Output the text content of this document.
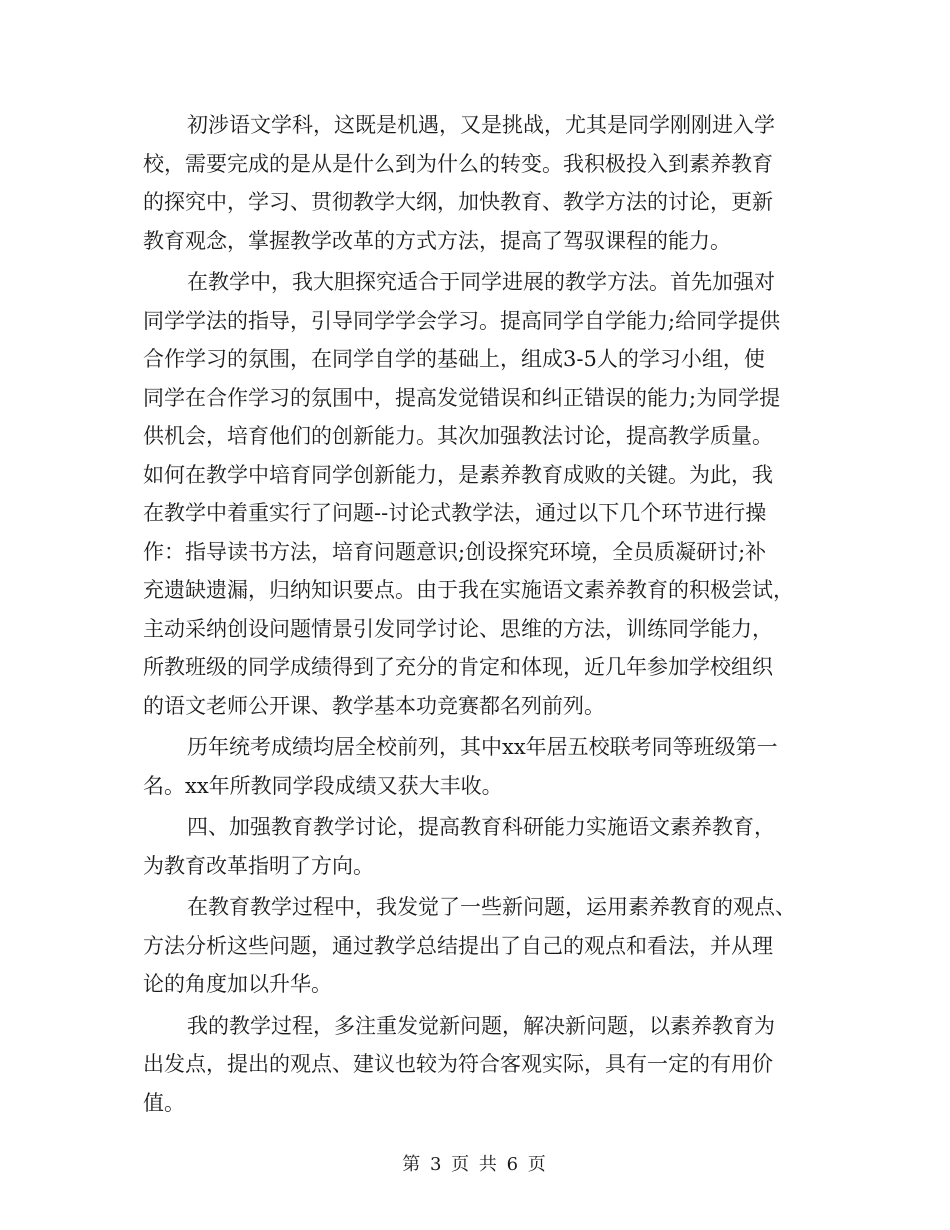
初涉语文学科，这既是机遇，又是挑战，尤其是同学刚刚进入学
校，需要完成的是从是什么到为什么的转变。我积极投入到素养教育
的探究中，学习、贯彻教学大纲，加快教育、教学方法的讨论，更新
教育观念，掌握教学改革的方式方法，提高了驾驭课程的能力。
在教学中，我大胆探究适合于同学进展的教学方法。首先加强对
同学学法的指导，引导同学学会学习。提高同学自学能力;给同学提供
合作学习的氛围，在同学自学的基础上，组成3-5人的学习小组，使
同学在合作学习的氛围中，提高发觉错误和纠正错误的能力;为同学提
供机会，培育他们的创新能力。其次加强教法讨论，提高教学质量。
如何在教学中培育同学创新能力，是素养教育成败的关键。为此，我
在教学中着重实行了问题--讨论式教学法，通过以下几个环节进行操
作：指导读书方法，培育问题意识;创设探究环境，全员质凝研讨;补
充遗缺遗漏，归纳知识要点。由于我在实施语文素养教育的积极尝试，
主动采纳创设问题情景引发同学讨论、思维的方法，训练同学能力，
所教班级的同学成绩得到了充分的肯定和体现，近几年参加学校组织
的语文老师公开课、教学基本功竞赛都名列前列。
历年统考成绩均居全校前列，其中xx年居五校联考同等班级第一
名。xx年所教同学段成绩又获大丰收。
四、加强教育教学讨论，提高教育科研能力实施语文素养教育，
为教育改革指明了方向。
在教育教学过程中，我发觉了一些新问题，运用素养教育的观点、
方法分析这些问题，通过教学总结提出了自己的观点和看法，并从理
论的角度加以升华。
我的教学过程，多注重发觉新问题，解决新问题，以素养教育为
出发点，提出的观点、建议也较为符合客观实际，具有一定的有用价
值。
第 3 页 共 6 页
